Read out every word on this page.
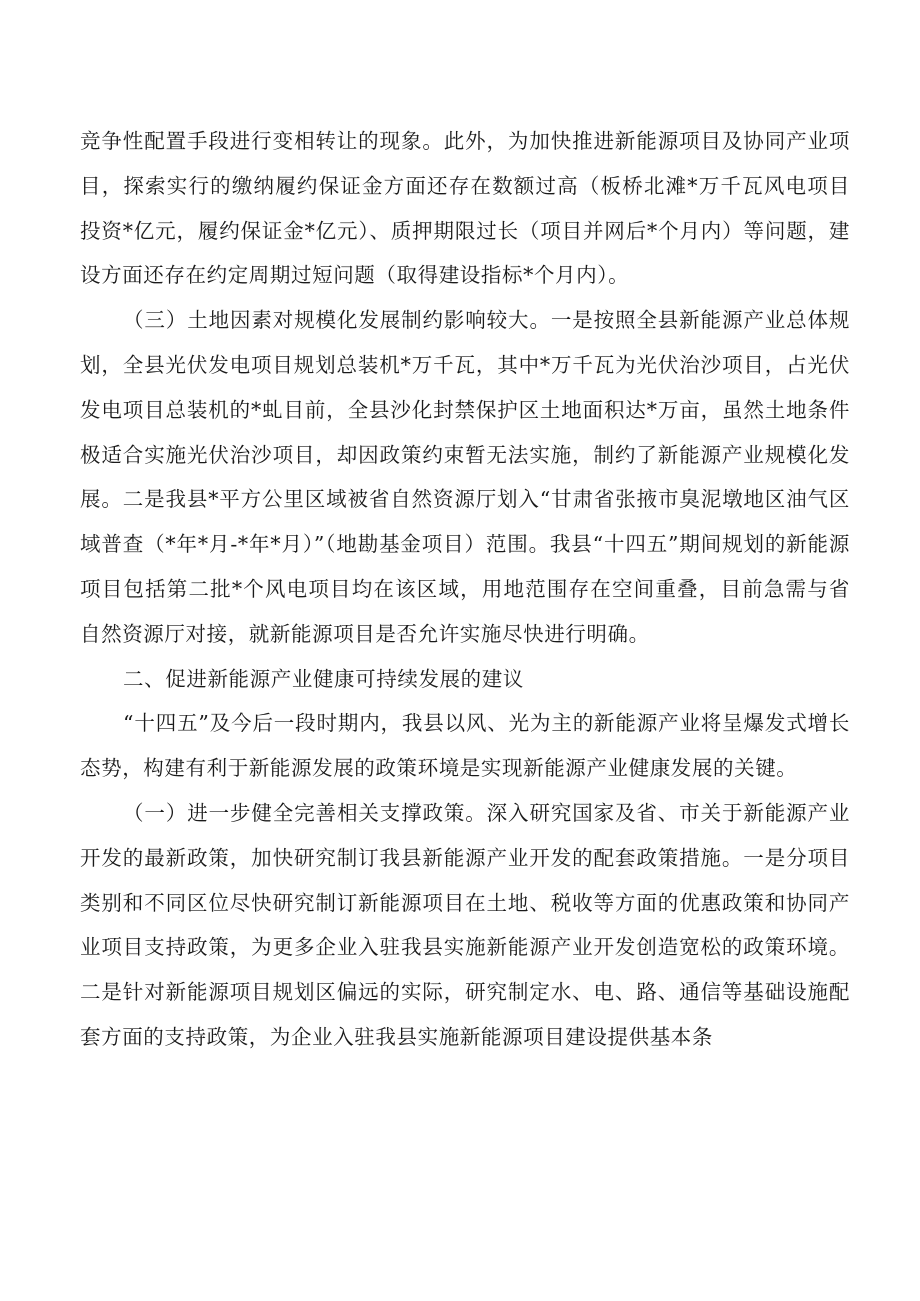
竞争性配置手段进行变相转让的现象。此外，为加快推进新能源项目及协同产业项目，探索实行的缴纳履约保证金方面还存在数额过高（板桥北滩*万千瓦风电项目投资*亿元，履约保证金*亿元）、质押期限过长（项目并网后*个月内）等问题，建设方面还存在约定周期过短问题（取得建设指标*个月内）。

（三）土地因素对规模化发展制约影响较大。一是按照全县新能源产业总体规划，全县光伏发电项目规划总装机*万千瓦，其中*万千瓦为光伏治沙项目，占光伏发电项目总装机的*虬目前，全县沙化封禁保护区土地面积达*万亩，虽然土地条件极适合实施光伏治沙项目，却因政策约束暂无法实施，制约了新能源产业规模化发展。二是我县*平方公里区域被省自然资源厅划入“甘肃省张掖市臭泥墩地区油气区域普查（*年*月-*年*月）”（地勘基金项目）范围。我县“十四五”期间规划的新能源项目包括第二批*个风电项目均在该区域，用地范围存在空间重叠，目前急需与省自然资源厅对接，就新能源项目是否允许实施尽快进行明确。

二、促进新能源产业健康可持续发展的建议

“十四五”及今后一段时期内，我县以风、光为主的新能源产业将呈爆发式增长态势，构建有利于新能源发展的政策环境是实现新能源产业健康发展的关键。

（一）进一步健全完善相关支撑政策。深入研究国家及省、市关于新能源产业开发的最新政策，加快研究制订我县新能源产业开发的配套政策措施。一是分项目类别和不同区位尽快研究制订新能源项目在土地、税收等方面的优惠政策和协同产业项目支持政策，为更多企业入驻我县实施新能源产业开发创造宽松的政策环境。二是针对新能源项目规划区偏远的实际，研究制定水、电、路、通信等基础设施配套方面的支持政策，为企业入驻我县实施新能源项目建设提供基本条
